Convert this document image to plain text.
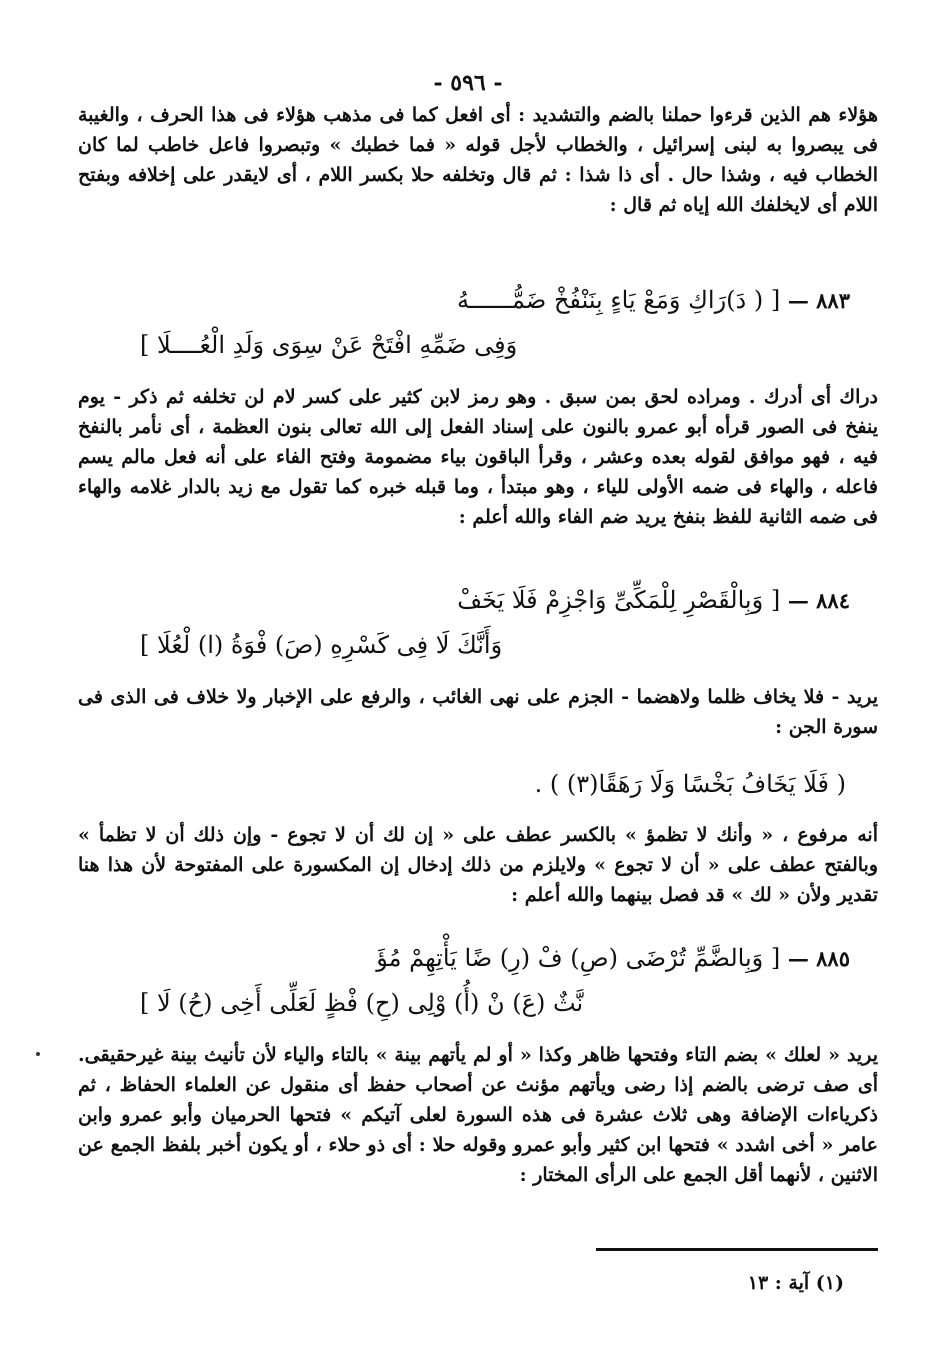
- ٥٩٦ -

هؤلاء هم الذين قرءوا حملنا بالضم والتشديد : أى افعل كما فى مذهب هؤلاء فى هذا الحرف ، والغيبة فى يبصروا به لبنى إسرائيل ، والخطاب لأجل قوله « فما خطبك » وتبصروا فاعل خاطب لما كان الخطاب فيه ، وشذا حال . أى ذا شذا : ثم قال وتخلفه حلا بكسر اللام ، أى لايقدر على إخلافه وبفتح اللام أى لايخلفك الله إياه ثم قال :

٨٨٣ — [ ( دَ)رَاكِ وَمَعْ يَاءٍ بِنَنْفُخْ ضَمُّــــــهُ
وَفِى ضَمِّهِ افْتَحْ عَنْ سِوَى وَلَدِ الْعُــــلَا ]

دراك أى أدرك . ومراده لحق بمن سبق . وهو رمز لابن كثير على كسر لام لن تخلفه ثم ذكر - يوم ينفخ فى الصور قرأه أبو عمرو بالنون على إسناد الفعل إلى الله تعالى بنون العظمة ، أى نأمر بالنفخ فيه ، فهو موافق لقوله بعده وعشر ، وقرأ الباقون بياء مضمومة وفتح الفاء على أنه فعل مالم يسم فاعله ، والهاء فى ضمه الأولى للياء ، وهو مبتدأ ، وما قبله خبره كما تقول مع زيد بالدار غلامه والهاء فى ضمه الثانية للفظ بنفخ يريد ضم الفاء والله أعلم :

٨٨٤ — [ وَبِالْقَصْرِ لِلْمَكِّىِّ وَاجْزِمْ فَلَا يَخَفْ
وَأَنَّكَ لَا فِى كَسْرِهِ (صَ) فْوَةُ (ا) لْعُلَا ]

يريد - فلا يخاف ظلما ولاهضما - الجزم على نهى الغائب ، والرفع على الإخبار ولا خلاف فى الذى فى سورة الجن :

( فَلَا يَخَافُ بَخْسًا وَلَا رَهَقًا(٣) ) .

أنه مرفوع ، « وأنك لا تظمؤ » بالكسر عطف على « إن لك أن لا تجوع - وإن ذلك أن لا تظمأ » وبالفتح عطف على « أن لا تجوع » ولايلزم من ذلك إدخال إن المكسورة على المفتوحة لأن هذا هنا تقدير ولأن « لك » قد فصل بينهما والله أعلم :

٨٨٥ — [ وَبِالضَّمِّ تُرْضَى (صِ) فْ (رِ) ضًا يَأْتِهِمْ مُؤَ
نَّثٌ (عَ) نْ (أُ) وْلِى (حِ) فْظٍ لَعَلِّى أَخِى (حُ) لَا ]

يريد « لعلك » بضم التاء وفتحها ظاهر وكذا « أو لم يأتهم بينة » بالتاء والياء لأن تأنيث بينة غيرحقيقى. أى صف ترضى بالضم إذا رضى ويأتهم مؤنث عن أصحاب حفظ أى منقول عن العلماء الحفاظ ، ثم ذكرياءات الإضافة وهى ثلاث عشرة فى هذه السورة لعلى آتيكم » فتحها الحرميان وأبو عمرو وابن عامر « أخى اشدد » فتحها ابن كثير وأبو عمرو وقوله حلا : أى ذو حلاء ، أو يكون أخبر بلفظ الجمع عن الاثنين ، لأنهما أقل الجمع على الرأى المختار :

(١) آية : ١٣
